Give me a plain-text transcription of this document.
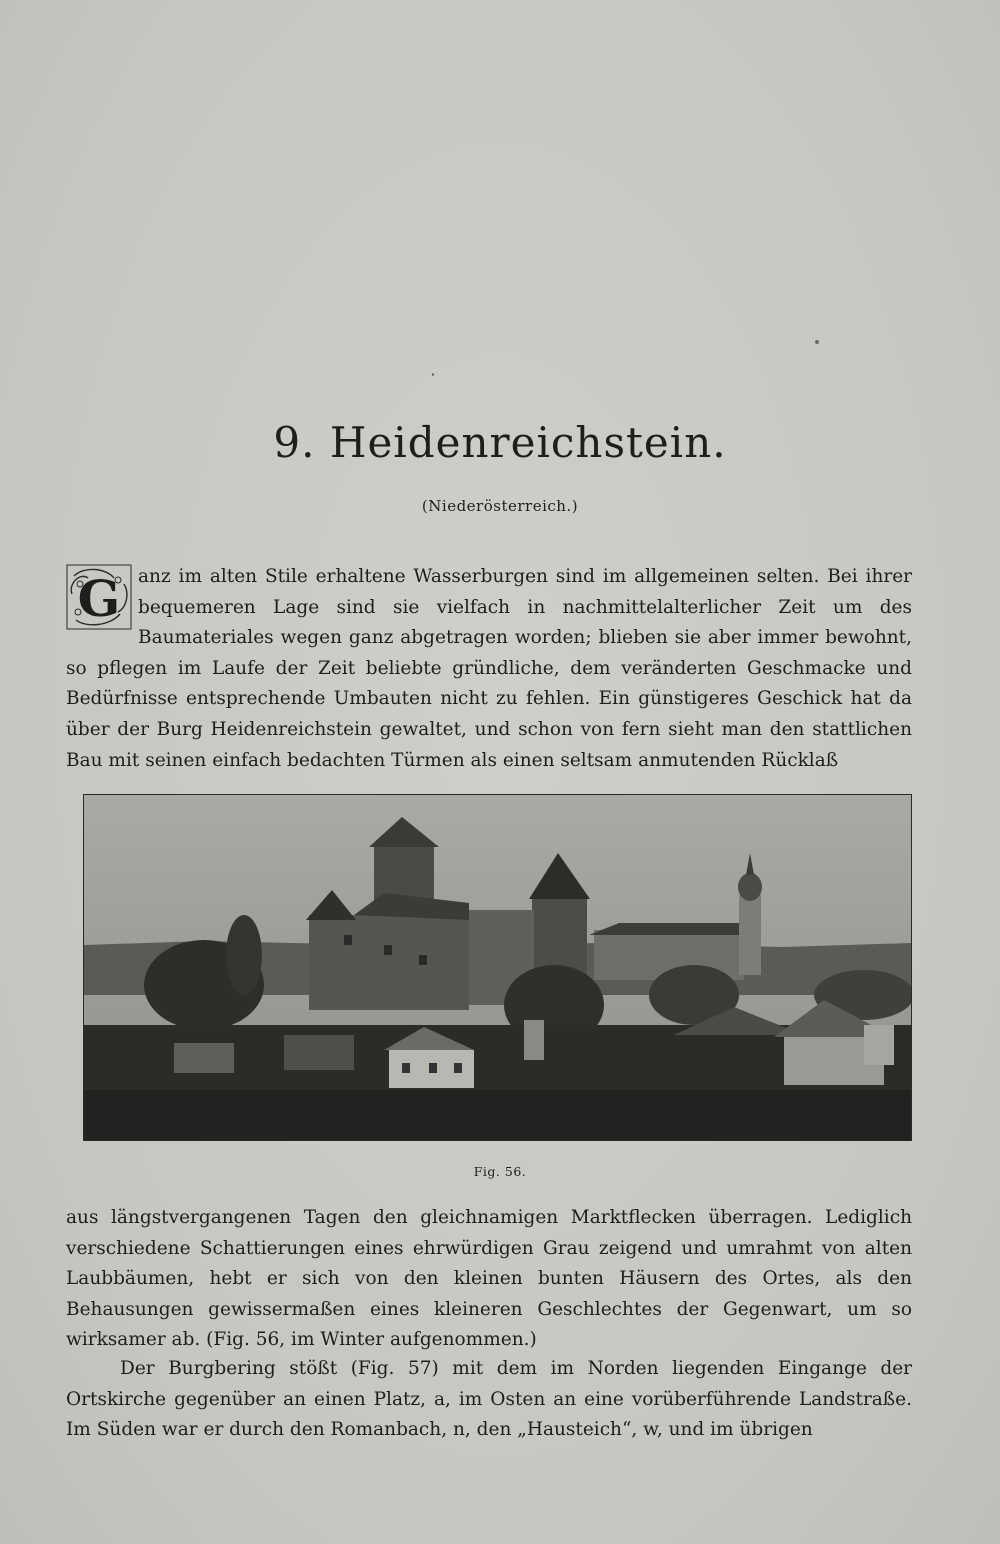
9. Heidenreichstein.
(Niederösterreich.)

G anz im alten Stile erhaltene Wasserburgen sind im allgemeinen selten. Bei ihrer bequemeren Lage sind sie vielfach in nachmittelalterlicher Zeit um des Baumateriales wegen ganz abgetragen worden; blieben sie aber immer bewohnt, so pflegen im Laufe der Zeit beliebte gründliche, dem veränderten Geschmacke und Bedürfnisse entsprechende Umbauten nicht zu fehlen. Ein günstigeres Geschick hat da über der Burg Heidenreichstein gewaltet, und schon von fern sieht man den stattlichen Bau mit seinen einfach bedachten Türmen als einen seltsam anmutenden Rücklaß

Fig. 56.

aus längstvergangenen Tagen den gleichnamigen Marktflecken überragen. Lediglich verschiedene Schattierungen eines ehrwürdigen Grau zeigend und umrahmt von alten Laubbäumen, hebt er sich von den kleinen bunten Häusern des Ortes, als den Behausungen gewissermaßen eines kleineren Geschlechtes der Gegenwart, um so wirksamer ab. (Fig. 56, im Winter aufgenommen.)

Der Burgbering stößt (Fig. 57) mit dem im Norden liegenden Eingange der Ortskirche gegenüber an einen Platz, a, im Osten an eine vorüberführende Landstraße. Im Süden war er durch den Romanbach, n, den „Hausteich“, w, und im übrigen
